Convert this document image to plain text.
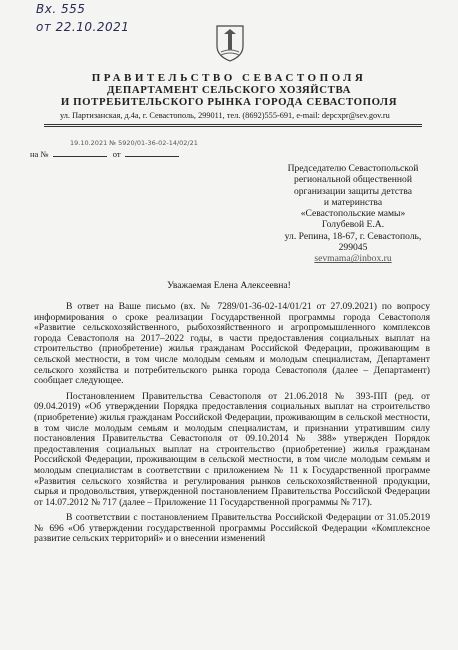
Вх. 555
от 22.10.2021
ПРАВИТЕЛЬСТВО СЕВАСТОПОЛЯ
ДЕПАРТАМЕНТ СЕЛЬСКОГО ХОЗЯЙСТВА
И ПОТРЕБИТЕЛЬСКОГО РЫНКА ГОРОДА СЕВАСТОПОЛЯ
ул. Партизанская, д.4а, г. Севастополь, 299011, тел. (8692)555-691, e-mail: depcxpr@sev.gov.ru
19.10.2021 № 5920/01-36-02-14/02/21
на №	от
Председателю Севастопольской
региональной общественной
организации защиты детства
и материнства
«Севастопольские мамы»
Голубевой Е.А.
ул. Репина, 18-67, г. Севастополь,
299045
sevmama@inbox.ru
Уважаемая Елена Алексеевна!

В ответ на Ваше письмо (вх. № 7289/01-36-02-14/01/21 от 27.09.2021) по вопросу информирования о сроке реализации Государственной программы города Севастополя «Развитие сельскохозяйственного, рыбохозяйственного и агропромышленного комплексов города Севастополя на 2017–2022 годы, в части предоставления социальных выплат на строительство (приобретение) жилья гражданам Российской Федерации, проживающим в сельской местности, в том числе молодым семьям и молодым специалистам, Департамент сельского хозяйства и потребительского рынка города Севастополя (далее – Департамент) сообщает следующее.

Постановлением Правительства Севастополя от 21.06.2018 № 393-ПП (ред. от 09.04.2019) «Об утверждении Порядка предоставления социальных выплат на строительство (приобретение) жилья гражданам Российской Федерации, проживающим в сельской местности, в том числе молодым семьям и молодым специалистам, и признании утратившим силу постановления Правительства Севастополя от 09.10.2014 № 388» утвержден Порядок предоставления социальных выплат на строительство (приобретение) жилья гражданам Российской Федерации, проживающим в сельской местности, в том числе молодым семьям и молодым специалистам в соответствии с приложением № 11 к Государственной программе «Развития сельского хозяйства и регулирования рынков сельскохозяйственной продукции, сырья и продовольствия, утвержденной постановлением Правительства Российской Федерации от 14.07.2012 № 717 (далее – Приложение 11 Государственной программы № 717).

В соответствии с постановлением Правительства Российской Федерации от 31.05.2019 № 696 «Об утверждении государственной программы Российской Федерации «Комплексное развитие сельских территорий» и о внесении изменений
